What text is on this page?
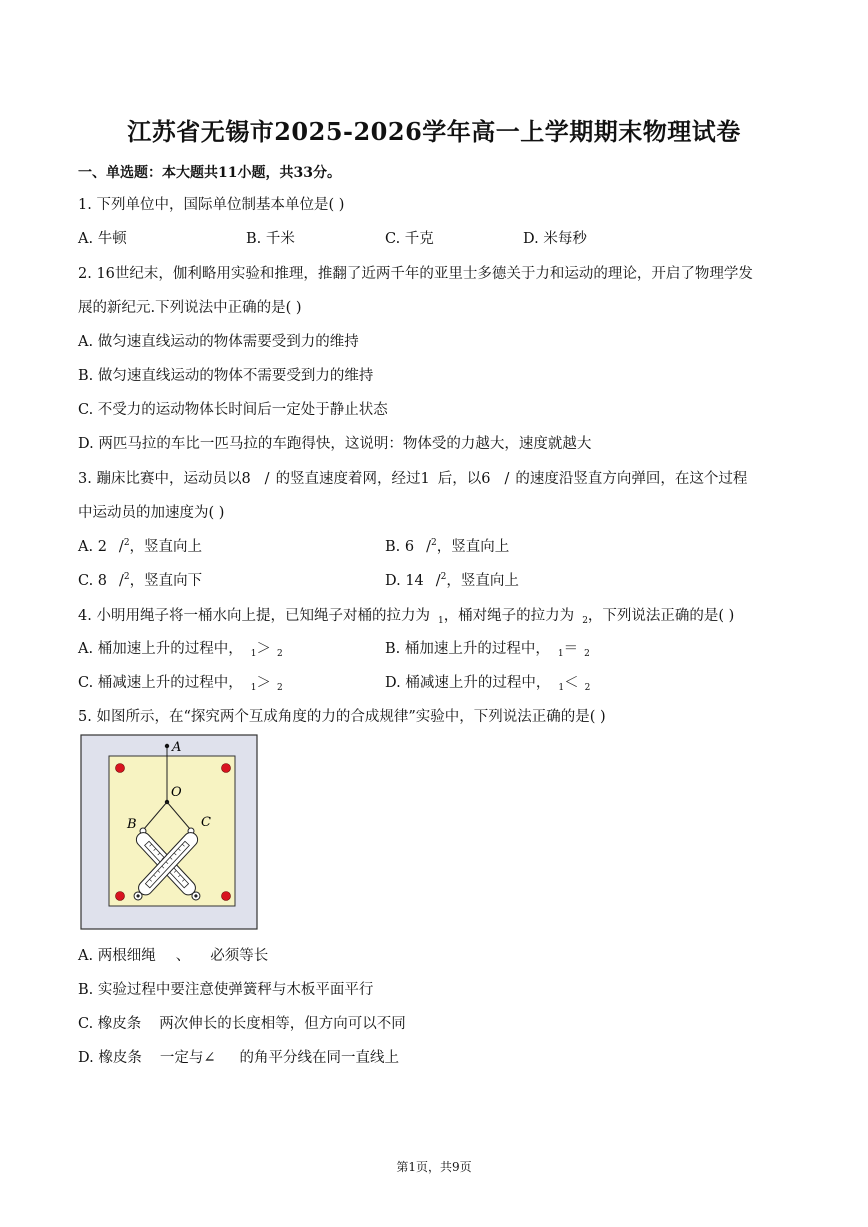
江苏省无锡市2025-2026学年高一上学期期末物理试卷
一、单选题：本大题共11小题，共33分。
1. 下列单位中，国际单位制基本单位是( )
A. 牛顿	B. 千米	C. 千克	D. 米每秒
2. 16世纪末，伽利略用实验和推理，推翻了近两千年的亚里士多德关于力和运动的理论，开启了物理学发
展的新纪元.下列说法中正确的是( )
A. 做匀速直线运动的物体需要受到力的维持
B. 做匀速直线运动的物体不需要受到力的维持
C. 不受力的运动物体长时间后一定处于静止状态
D. 两匹马拉的车比一匹马拉的车跑得快，这说明：物体受的力越大，速度就越大
3. 蹦床比赛中，运动员以8 / 的竖直速度着网，经过1 后，以6 / 的速度沿竖直方向弹回，在这个过程
中运动员的加速度为( )
A. 2 /$^2$，竖直向上	B. 6 /$^2$，竖直向上
C. 8 /$^2$，竖直向下	D. 14 /$^2$，竖直向上
4. 小明用绳子将一桶水向上提，已知绳子对桶的拉力为 $_1$，桶对绳子的拉力为 $_2$，下列说法正确的是( )
A. 桶加速上升的过程中， $_1$＞ $_2$	B. 桶加速上升的过程中， $_1$＝ $_2$
C. 桶减速上升的过程中， $_1$＞ $_2$	D. 桶减速上升的过程中， $_1$＜ $_2$
5. 如图所示，在“探究两个互成角度的力的合成规律”实验中，下列说法正确的是( )
A
O
B	C
A. 两根细绳 、 必须等长
B. 实验过程中要注意使弹簧秤与木板平面平行
C. 橡皮条 两次伸长的长度相等，但方向可以不同
D. 橡皮条 一定与∠ 的角平分线在同一直线上
第1页，共9页
